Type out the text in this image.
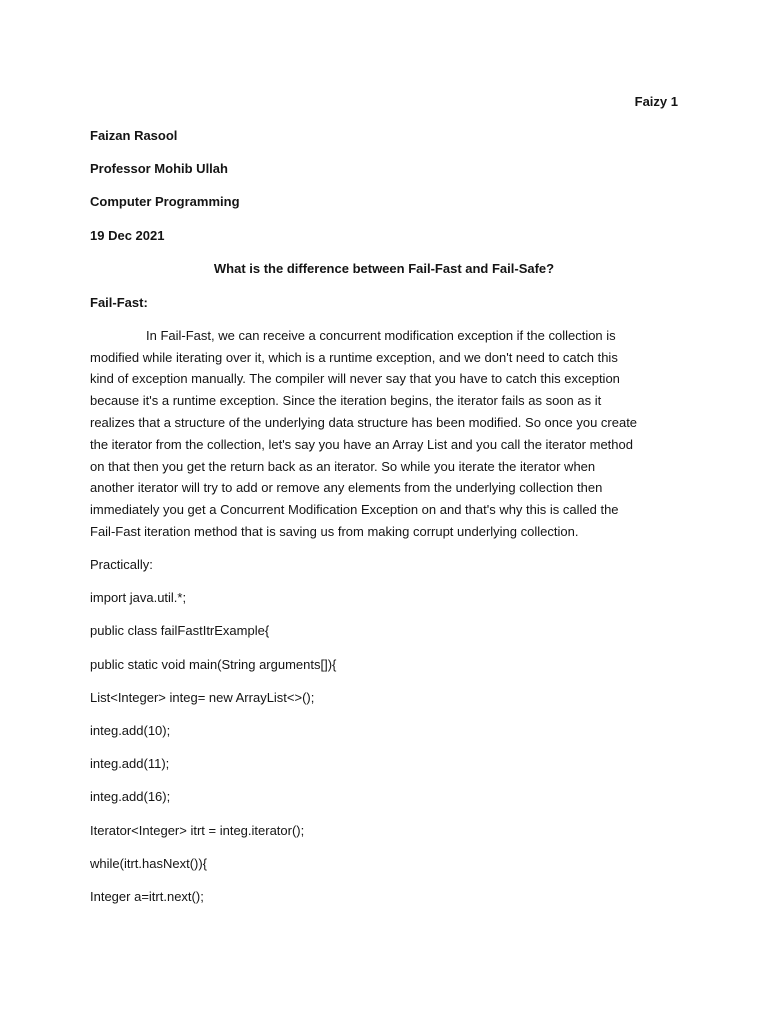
Faizy 1
Faizan Rasool
Professor Mohib Ullah
Computer Programming
19 Dec 2021
What is the difference between Fail-Fast and Fail-Safe?
Fail-Fast:
In Fail-Fast, we can receive a concurrent modification exception if the collection is
modified while iterating over it, which is a runtime exception, and we don't need to catch this
kind of exception manually. The compiler will never say that you have to catch this exception
because it's a runtime exception. Since the iteration begins, the iterator fails as soon as it
realizes that a structure of the underlying data structure has been modified. So once you create
the iterator from the collection, let's say you have an Array List and you call the iterator method
on that then you get the return back as an iterator. So while you iterate the iterator when
another iterator will try to add or remove any elements from the underlying collection then
immediately you get a Concurrent Modification Exception on and that's why this is called the
Fail-Fast iteration method that is saving us from making corrupt underlying collection.
Practically:
import java.util.*;
public class failFastItrExample{
public static void main(String arguments[]){
List<Integer> integ= new ArrayList<>();
integ.add(10);
integ.add(11);
integ.add(16);
Iterator<Integer> itrt = integ.iterator();
while(itrt.hasNext()){
Integer a=itrt.next();
